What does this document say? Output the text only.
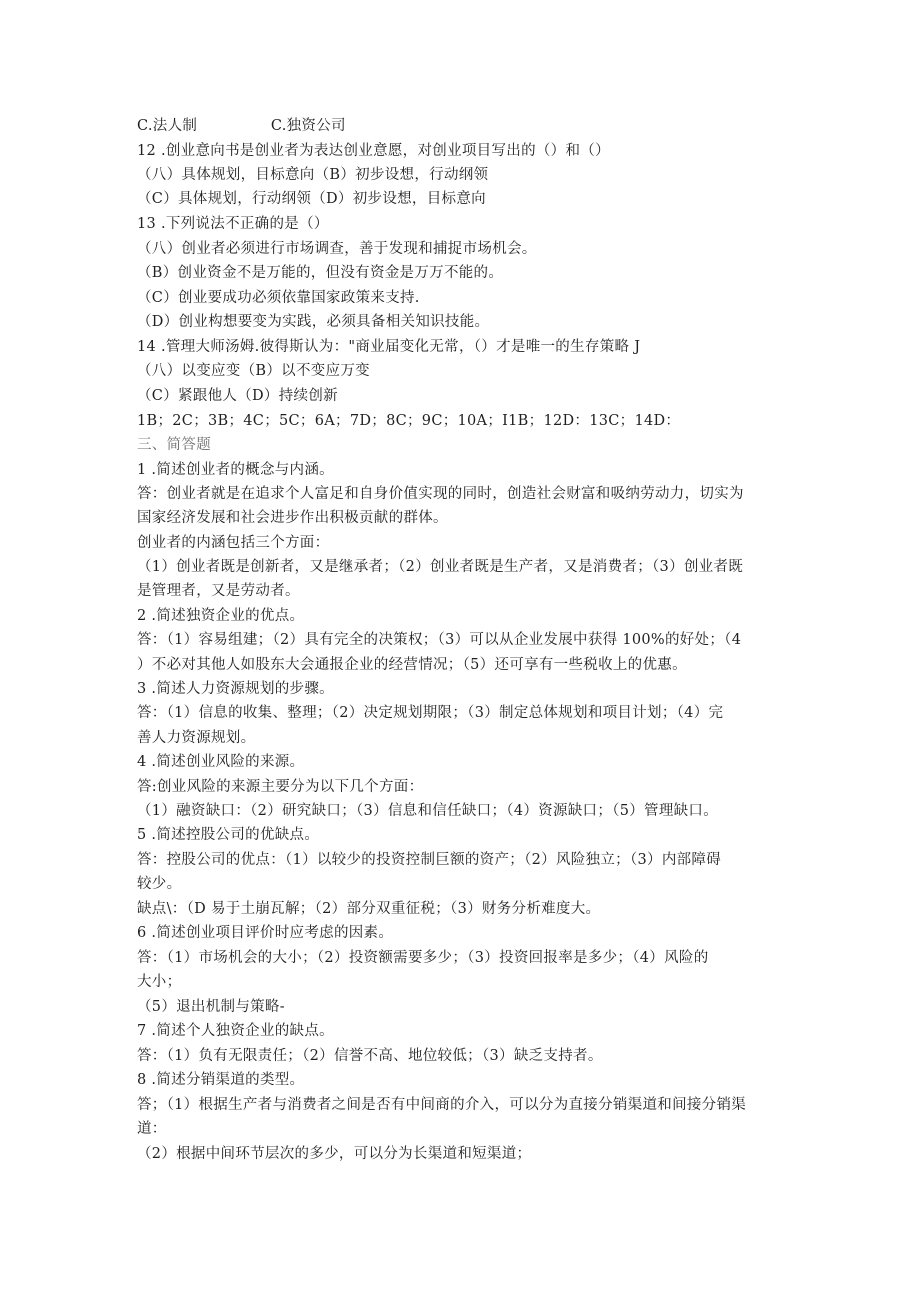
C.法人制               C.独资公司
12 .创业意向书是创业者为表达创业意愿，对创业项目写出的（）和（）
（八）具体规划，目标意向（B）初步设想，行动纲领
（C）具体规划，行动纲领（D）初步设想，目标意向
13 .下列说法不正确的是（）
（八）创业者必须进行市场调查，善于发现和捕捉市场机会。
（B）创业资金不是万能的，但没有资金是万万不能的。
（C）创业要成功必须依靠国家政策来支持.
（D）创业构想要变为实践，必须具备相关知识技能。
14 .管理大师汤姆.彼得斯认为："商业届变化无常，（）才是唯一的生存策略 J
（八）以变应变（B）以不变应万变
（C）紧跟他人（D）持续创新
1B；2C；3B；4C；5C；6A；7D；8C；9C；10A；I1B；12D：13C；14D：
三、简答题
1 .简述创业者的概念与内涵。
答：创业者就是在追求个人富足和自身价值实现的同时，创造社会财富和吸纳劳动力，切实为
国家经济发展和社会进步作出积极贡献的群体。
创业者的内涵包括三个方面：
（1）创业者既是创新者，又是继承者；（2）创业者既是生产者，又是消费者；（3）创业者既
是管理者，又是劳动者。
2 .简述独资企业的优点。
答：（1）容易组建；（2）具有完全的决策权；（3）可以从企业发展中获得 100%的好处；（4
）不必对其他人如股东大会通报企业的经营情况；（5）还可享有一些税收上的优惠。
3 .简述人力资源规划的步骤。
答：（1）信息的收集、整理；（2）决定规划期限；（3）制定总体规划和项目计划；（4）完
善人力资源规划。
4 .简述创业风险的来源。
答:创业风险的来源主要分为以下几个方面：
（1）融资缺口：（2）研究缺口；（3）信息和信任缺口；（4）资源缺口；（5）管理缺口。
5 .简述控股公司的优缺点。
答：控股公司的优点：（1）以较少的投资控制巨额的资产；（2）风险独立；（3）内部障碍
较少。
缺点\：（D 易于土崩瓦解；（2）部分双重征税；（3）财务分析难度大。
6 .简述创业项目评价时应考虑的因素。
答：（1）市场机会的大小；（2）投资额需要多少；（3）投资回报率是多少；（4）风险的
大小；
（5）退出机制与策略-
7 .简述个人独资企业的缺点。
答：（1）负有无限责任；（2）信誉不高、地位较低；（3）缺乏支持者。
8 .简述分销渠道的类型。
答；（1）根据生产者与消费者之间是否有中间商的介入，可以分为直接分销渠道和间接分销渠
道：
（2）根据中间环节层次的多少，可以分为长渠道和短渠道；
